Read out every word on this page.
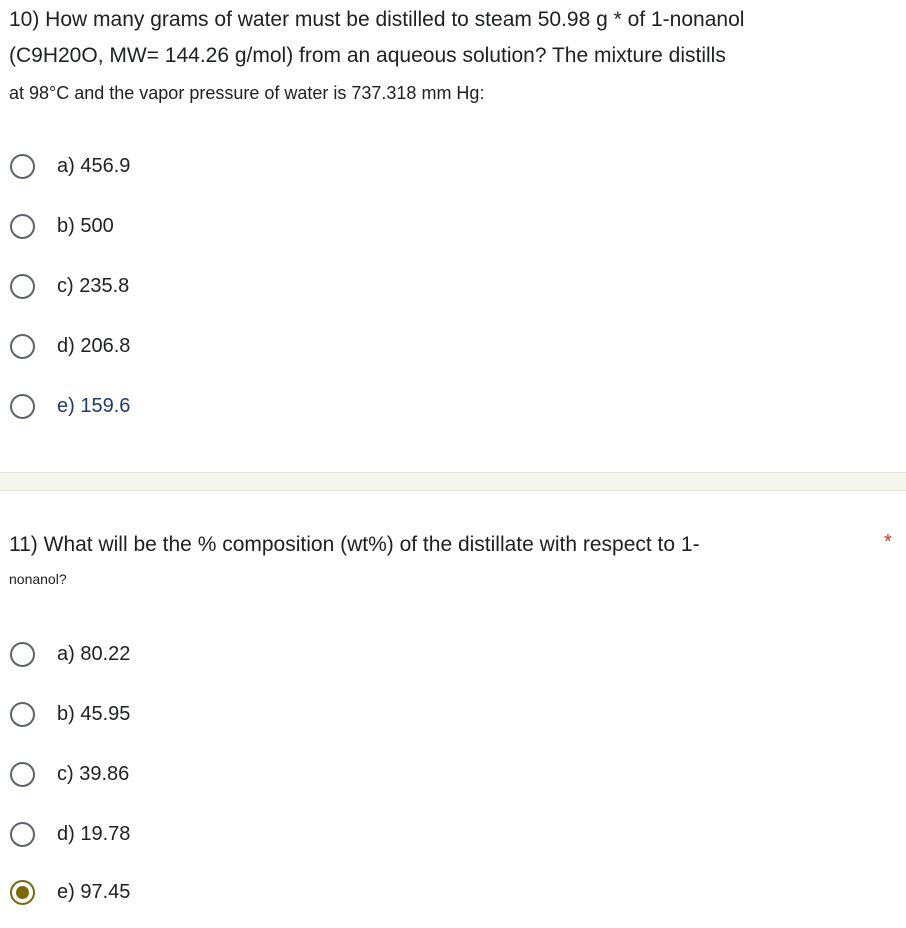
10) How many grams of water must be distilled to steam 50.98 g * of 1-nonanol
(C9H20O, MW= 144.26 g/mol) from an aqueous solution? The mixture distills
at 98°C and the vapor pressure of water is 737.318 mm Hg:
a) 456.9
b) 500
c) 235.8
d) 206.8
e) 159.6
11) What will be the % composition (wt%) of the distillate with respect to 1-
nonanol?
*
a) 80.22
b) 45.95
c) 39.86
d) 19.78
e) 97.45
